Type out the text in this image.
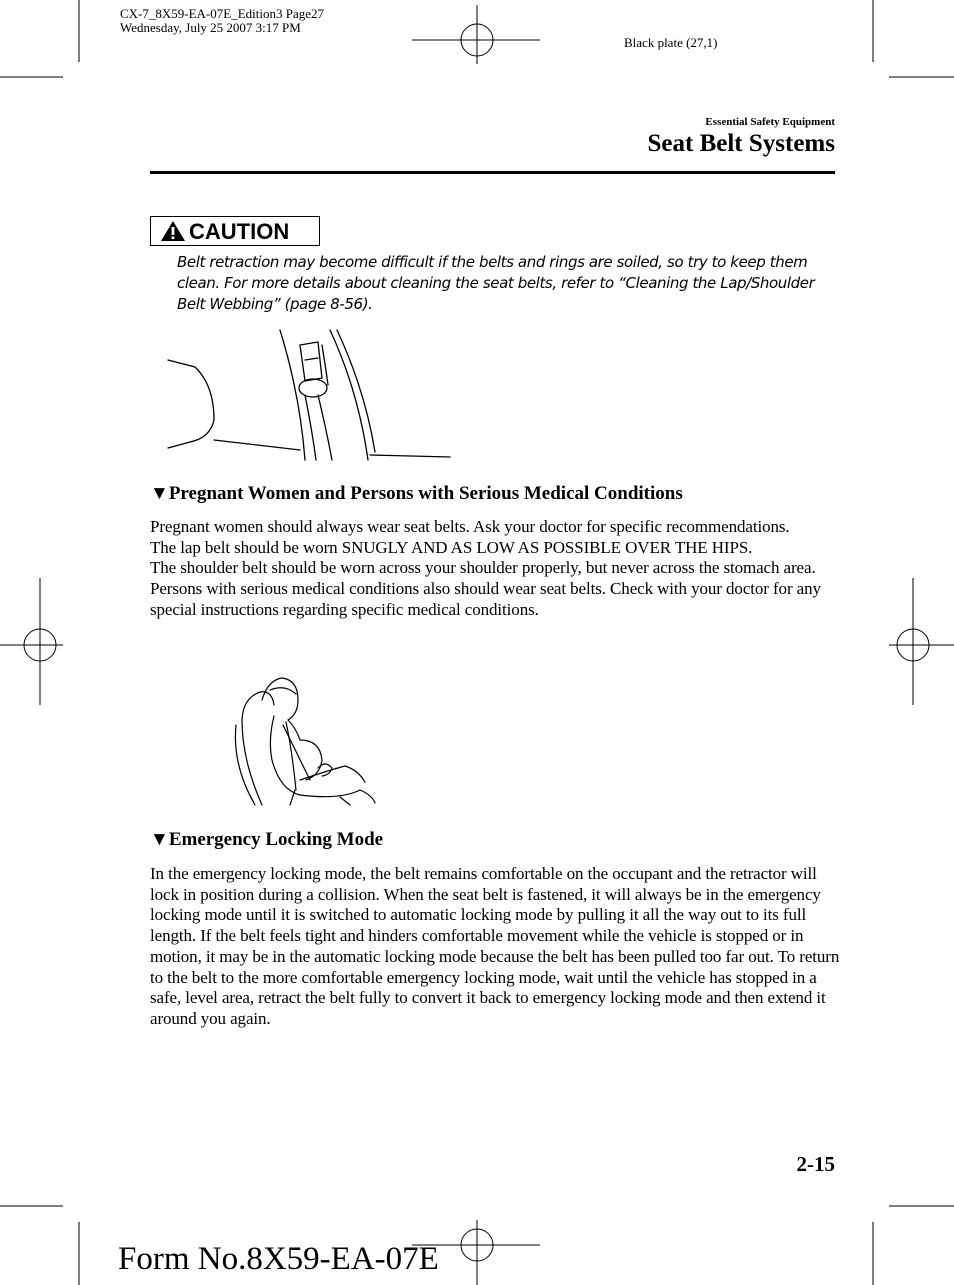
CX-7_8X59-EA-07E_Edition3 Page27
Wednesday, July 25 2007 3:17 PM
Black plate (27,1)
Essential Safety Equipment
Seat Belt Systems
CAUTION
Belt retraction may become difficult if the belts and rings are soiled, so try to keep them clean. For more details about cleaning the seat belts, refer to “Cleaning the Lap/Shoulder Belt Webbing” (page 8-56).
▼Pregnant Women and Persons with Serious Medical Conditions

Pregnant women should always wear seat belts. Ask your doctor for specific recommendations.

The lap belt should be worn SNUGLY AND AS LOW AS POSSIBLE OVER THE HIPS.

The shoulder belt should be worn across your shoulder properly, but never across the stomach area.

Persons with serious medical conditions also should wear seat belts. Check with your doctor for any special instructions regarding specific medical conditions.

▼Emergency Locking Mode

In the emergency locking mode, the belt remains comfortable on the occupant and the retractor will lock in position during a collision. When the seat belt is fastened, it will always be in the emergency locking mode until it is switched to automatic locking mode by pulling it all the way out to its full length. If the belt feels tight and hinders comfortable movement while the vehicle is stopped or in motion, it may be in the automatic locking mode because the belt has been pulled too far out. To return to the belt to the more comfortable emergency locking mode, wait until the vehicle has stopped in a safe, level area, retract the belt fully to convert it back to emergency locking mode and then extend it around you again.

2-15
Form No.8X59-EA-07E
